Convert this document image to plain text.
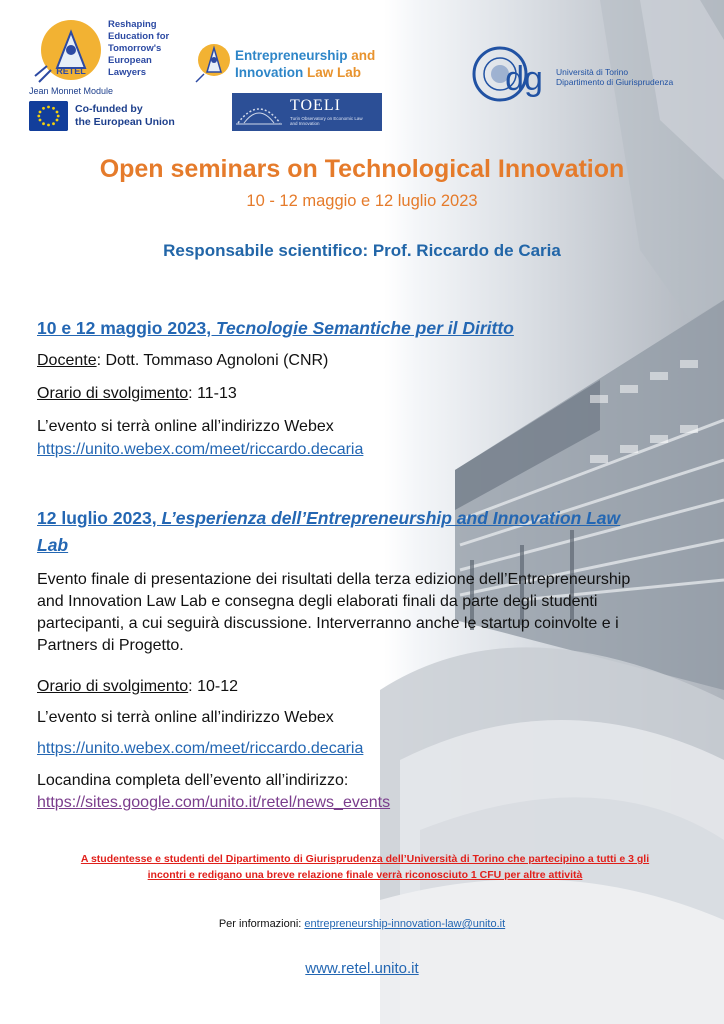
RETEL
Reshaping
Education for
Tomorrow's
European
Lawyers
Jean Monnet Module
Co-funded by
the European Union
Entrepreneurship and
Innovation Law Lab
TOELI
Turin Observatory on Economic Law and Innovation
dg Università di Torino
Dipartimento di Giurisprudenza
Open seminars on Technological Innovation
10 - 12 maggio e 12 luglio 2023
Responsabile scientifico: Prof. Riccardo de Caria
10 e 12 maggio 2023, Tecnologie Semantiche per il Diritto
Docente: Dott. Tommaso Agnoloni (CNR)
Orario di svolgimento: 11-13
L’evento si terrà online all’indirizzo Webex
https://unito.webex.com/meet/riccardo.decaria
12 luglio 2023, L’esperienza dell’Entrepreneurship and Innovation Law
Lab
Evento finale di presentazione dei risultati della terza edizione dell’Entrepreneurship
and Innovation Law Lab e consegna degli elaborati finali da parte degli studenti
partecipanti, a cui seguirà discussione. Interverranno anche le startup coinvolte e i
Partners di Progetto.
Orario di svolgimento: 10-12
L’evento si terrà online all’indirizzo Webex
https://unito.webex.com/meet/riccardo.decaria
Locandina completa dell’evento all’indirizzo:
https://sites.google.com/unito.it/retel/news_events
A studentesse e studenti del Dipartimento di Giurisprudenza dell’Università di Torino che partecipino a tutti e 3 gli
incontri e redigano una breve relazione finale verrà riconosciuto 1 CFU per altre attività
Per informazioni: entrepreneurship-innovation-law@unito.it
www.retel.unito.it
